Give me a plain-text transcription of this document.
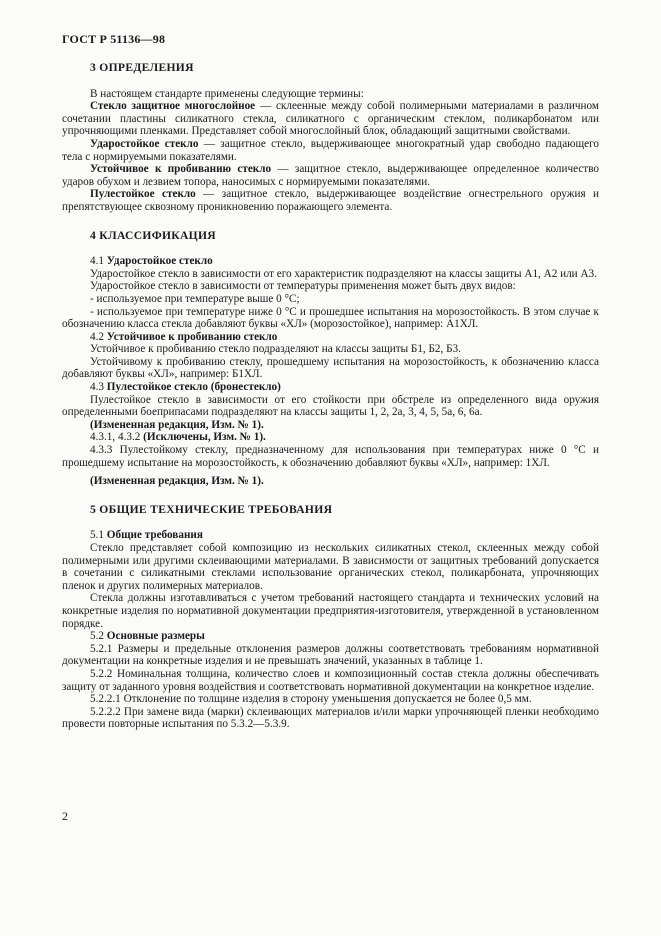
ГОСТ Р 51136—98
3 ОПРЕДЕЛЕНИЯ

В настоящем стандарте применены следующие термины:

Стекло защитное многослойное — склеенные между собой полимерными материалами в различном сочетании пластины силикатного стекла, силикатного с органическим стеклом, поликарбонатом или упрочняющими пленками. Представляет собой многослойный блок, обладающий защитными свойствами.

Ударостойкое стекло — защитное стекло, выдерживающее многократный удар свободно падающего тела с нормируемыми показателями.

Устойчивое к пробиванию стекло — защитное стекло, выдерживающее определенное количество ударов обухом и лезвием топора, наносимых с нормируемыми показателями.

Пулестойкое стекло — защитное стекло, выдерживающее воздействие огнестрельного оружия и препятствующее сквозному проникновению поражающего элемента.

4 КЛАССИФИКАЦИЯ

4.1 Ударостойкое стекло

Ударостойкое стекло в зависимости от его характеристик подразделяют на классы защиты А1, А2 или А3.

Ударостойкое стекло в зависимости от температуры применения может быть двух видов:

- используемое при температуре выше 0 °С;

- используемое при температуре ниже 0 °С и прошедшее испытания на морозостойкость. В этом случае к обозначению класса стекла добавляют буквы «ХЛ» (морозостойкое), например: А1ХЛ.

4.2 Устойчивое к пробиванию стекло

Устойчивое к пробиванию стекло подразделяют на классы защиты Б1, Б2, Б3.

Устойчивому к пробиванию стеклу, прошедшему испытания на морозостойкость, к обозначению класса добавляют буквы «ХЛ», например: Б1ХЛ.

4.3 Пулестойкое стекло (бронестекло)

Пулестойкое стекло в зависимости от его стойкости при обстреле из определенного вида оружия определенными боеприпасами подразделяют на классы защиты 1, 2, 2а, 3, 4, 5, 5а, 6, 6а.

(Измененная редакция, Изм. № 1).

4.3.1, 4.3.2 (Исключены, Изм. № 1).

4.3.3 Пулестойкому стеклу, предназначенному для использования при температурах ниже 0 °С и прошедшему испытание на морозостойкость, к обозначению добавляют буквы «ХЛ», например: 1ХЛ.

(Измененная редакция, Изм. № 1).

5 ОБЩИЕ ТЕХНИЧЕСКИЕ ТРЕБОВАНИЯ

5.1 Общие требования

Стекло представляет собой композицию из нескольких силикатных стекол, склеенных между собой полимерными или другими склеивающими материалами. В зависимости от защитных требований допускается в сочетании с силикатными стеклами использование органических стекол, поликарбоната, упрочняющих пленок и других полимерных материалов.

Стекла должны изготавливаться с учетом требований настоящего стандарта и технических условий на конкретные изделия по нормативной документации предприятия-изготовителя, утвержденной в установленном порядке.

5.2 Основные размеры

5.2.1 Размеры и предельные отклонения размеров должны соответствовать требованиям нормативной документации на конкретные изделия и не превышать значений, указанных в таблице 1.

5.2.2 Номинальная толщина, количество слоев и композиционный состав стекла должны обеспечивать защиту от заданного уровня воздействия и соответствовать нормативной документации на конкретное изделие.

5.2.2.1 Отклонение по толщине изделия в сторону уменьшения допускается не более 0,5 мм.

5.2.2.2 При замене вида (марки) склеивающих материалов и/или марки упрочняющей пленки необходимо провести повторные испытания по 5.3.2—5.3.9.

2
